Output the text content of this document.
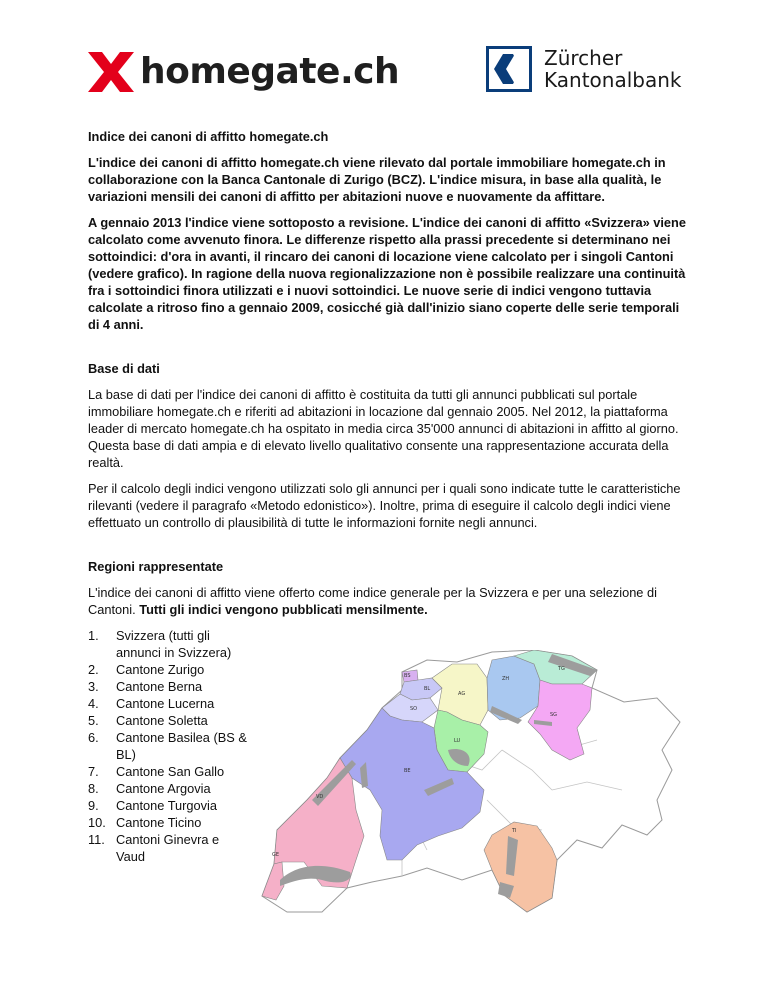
homegate.ch	Zürcher
Kantonalbank
Indice dei canoni di affitto homegate.ch

L'indice dei canoni di affitto homegate.ch viene rilevato dal portale immobiliare homegate.ch in collaborazione con la Banca Cantonale di Zurigo (BCZ). L'indice misura, in base alla qualità, le variazioni mensili dei canoni di affitto per abitazioni nuove e nuovamente da affittare.

A gennaio 2013 l'indice viene sottoposto a revisione. L'indice dei canoni di affitto «Svizzera» viene calcolato come avvenuto finora. Le differenze rispetto alla prassi precedente si determinano nei sottoindici: d'ora in avanti, il rincaro dei canoni di locazione viene calcolato per i singoli Cantoni (vedere grafico). In ragione della nuova regionalizzazione non è possibile realizzare una continuità fra i sottoindici finora utilizzati e i nuovi sottoindici. Le nuove serie di indici vengono tuttavia calcolate a ritroso fino a gennaio 2009, cosicché già dall'inizio siano coperte delle serie temporali di 4 anni.

Base di dati

La base di dati per l'indice dei canoni di affitto è costituita da tutti gli annunci pubblicati sul portale immobiliare homegate.ch e riferiti ad abitazioni in locazione dal gennaio 2005. Nel 2012, la piattaforma leader di mercato homegate.ch ha ospitato in media circa 35'000 annunci di abitazioni in affitto al giorno. Questa base di dati ampia e di elevato livello qualitativo consente una rappresentazione accurata della realtà.

Per il calcolo degli indici vengono utilizzati solo gli annunci per i quali sono indicate tutte le caratteristiche rilevanti (vedere il paragrafo «Metodo edonistico»). Inoltre, prima di eseguire il calcolo degli indici viene effettuato un controllo di plausibilità di tutte le informazioni fornite negli annunci.

Regioni rappresentate

L'indice dei canoni di affitto viene offerto come indice generale per la Svizzera e per una selezione di Cantoni. Tutti gli indici vengono pubblicati mensilmente.

1.	Svizzera (tutti gli annunci in Svizzera)
2.	Cantone Zurigo
3.	Cantone Berna
4.	Cantone Lucerna
5.	Cantone Soletta
6.	Cantone Basilea (BS & BL)
7.	Cantone San Gallo
8.	Cantone Argovia
9.	Cantone Turgovia
10. Cantone Ticino
11. Cantoni Ginevra e Vaud
BS
BL
AG
ZH
TG
SO
SG
LU
BE
VD
GE
TI
